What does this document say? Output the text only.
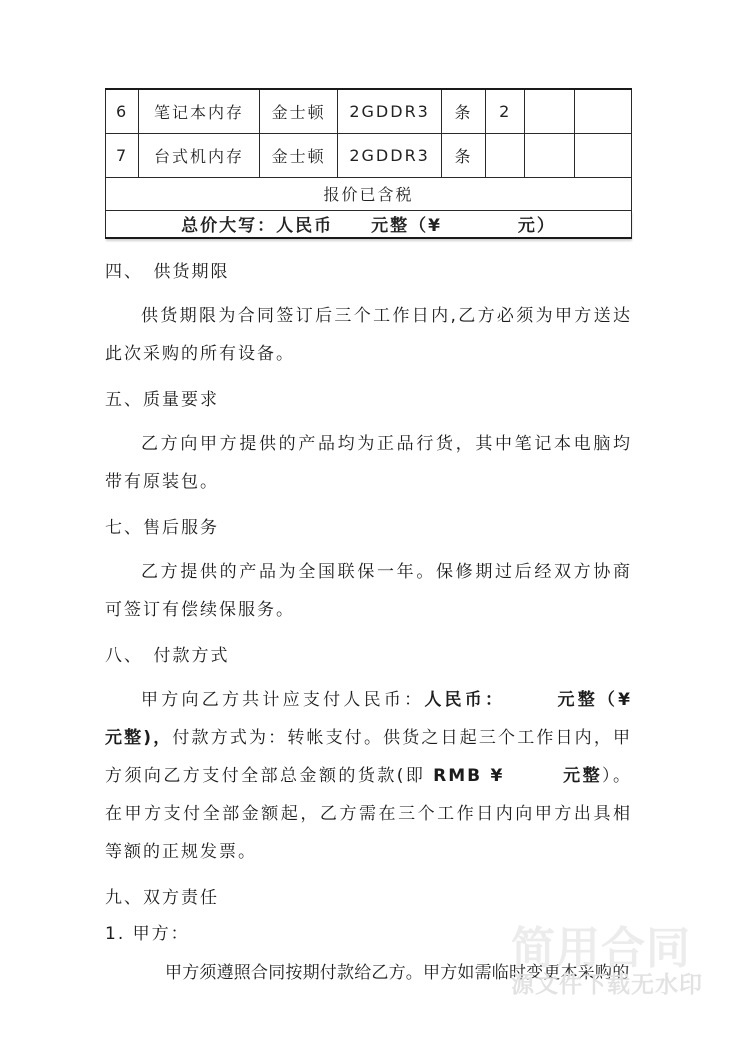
6	笔记本内存	金士顿	2GDDR3	条	2		
7	台式机内存	金士顿	2GDDR3	条			
报价已含税							
总价大写：人民币　　元整（¥　　　　元）							
四、　供货期限
供货期限为合同签订后三个工作日内,乙方必须为甲方送达此次采购的所有设备。
五、质量要求
乙方向甲方提供的产品均为正品行货，其中笔记本电脑均带有原装包。
七、售后服务
乙方提供的产品为全国联保一年。保修期过后经双方协商可签订有偿续保服务。
八、　付款方式
甲方向乙方共计应支付人民币：人民币：　　　元整（¥　　　　元整)，付款方式为：转帐支付。供货之日起三个工作日内，甲方须向乙方支付全部总金额的货款(即 RMB ¥　　　元整）。在甲方支付全部金额起，乙方需在三个工作日内向甲方出具相等额的正规发票。
九、双方责任
1. 甲方：
甲方须遵照合同按期付款给乙方。甲方如需临时变更本采购的
简用合同
源文件下载无水印
